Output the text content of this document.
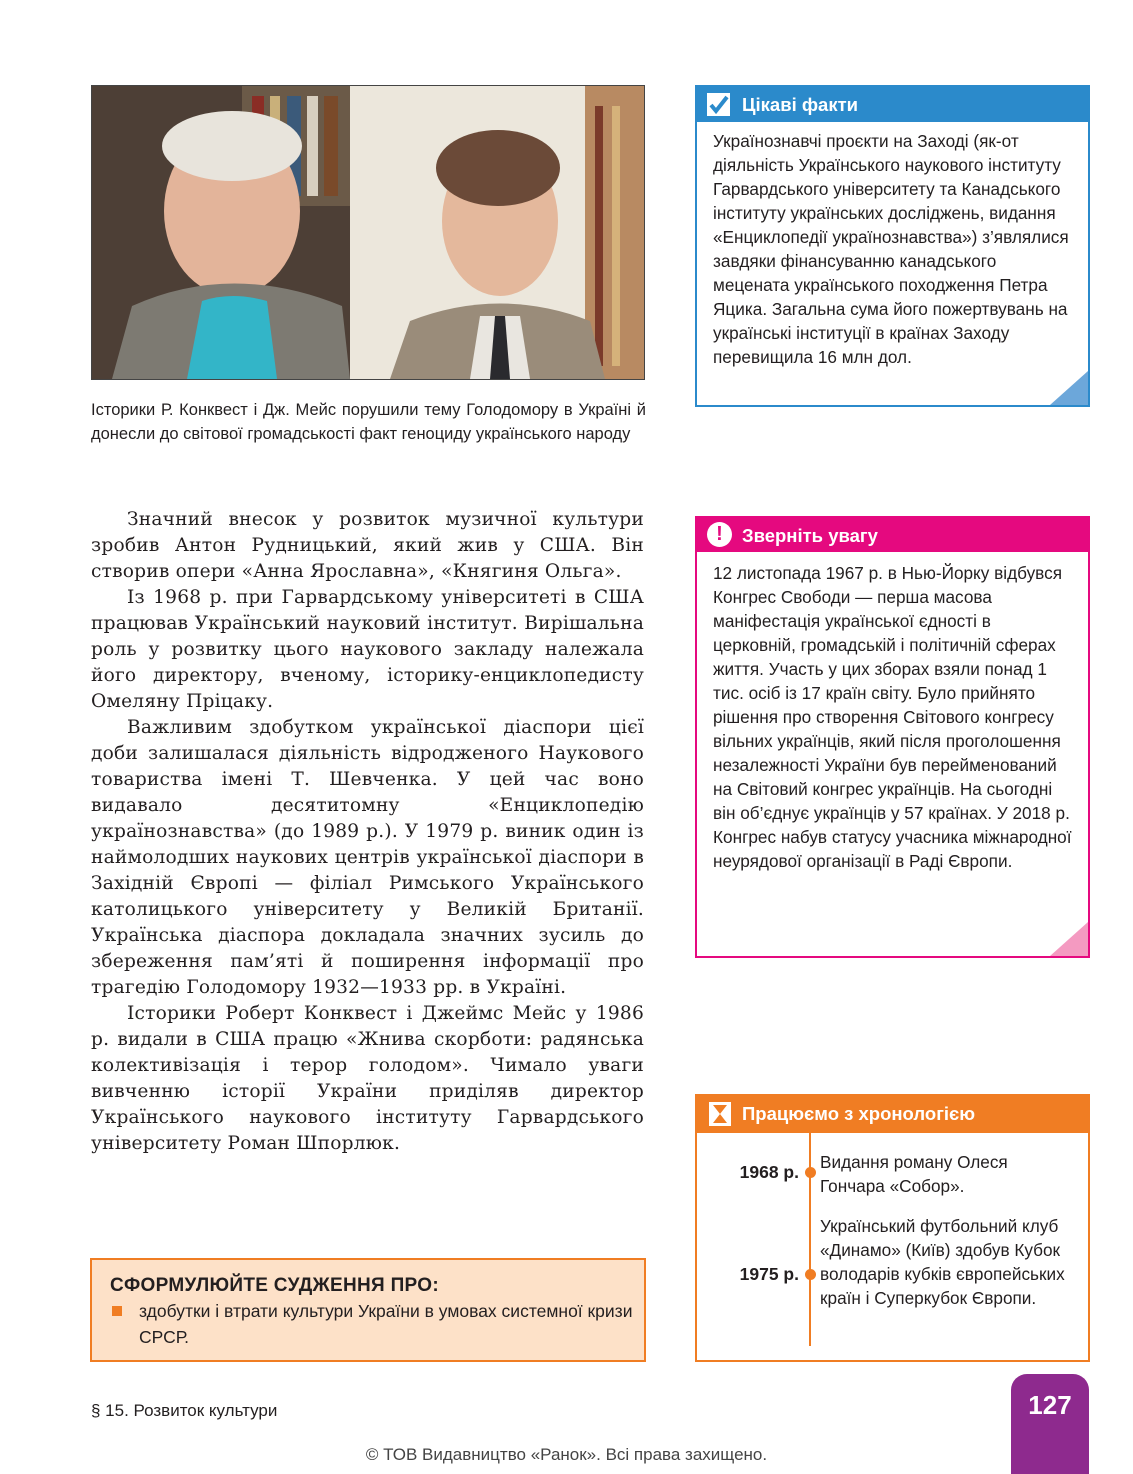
Історики Р. Конквест і Дж. Мейс порушили тему Голодомору в Україні й донесли до світової громадськості факт геноциду українського народу

Значний внесок у розвиток музичної культури зробив Антон Рудницький, який жив у США. Він створив опери «Анна Ярославна», «Княгиня Ольга».

Із 1968 р. при Гарвардському університеті в США працював Український науковий інститут. Вирішальна роль у розвитку цього наукового закладу належала його директору, вченому, історику-енциклопедисту Омеляну Пріцаку.

Важливим здобутком української діаспори цієї доби залишалася діяльність відродженого Наукового товариства імені Т. Шевченка. У цей час воно видавало десятитомну «Енциклопедію українознавства» (до 1989 р.). У 1979 р. виник один із наймолодших наукових центрів української діаспори в Західній Європі — філіал Римського Українського католицького університету у Великій Британії. Українська діаспора докладала значних зусиль до збереження пам’яті й поширення інформації про трагедію Голодомору 1932—1933 рр. в Україні.

Історики Роберт Конквест і Джеймс Мейс у 1986 р. видали в США працю «Жнива скорботи: радянська колективізація і терор голодом». Чимало уваги вивченню історії України приділяв директор Українського наукового інституту Гарвардського університету Роман Шпорлюк.

СФОРМУЛЮЙТЕ СУДЖЕННЯ ПРО:
здобутки і втрати культури України в умовах системної кризи СРСР.
Цікаві факти
Українознавчі проєкти на Заході (як-от діяльність Українського наукового інституту Гарвардського університету та Канадського інституту українських досліджень, видання «Енциклопедії українознавства») з’являлися завдяки фінансуванню канадського мецената українського походження Петра Яцика. Загальна сума його пожертвувань на українські інституції в країнах Заходу перевищила 16 млн дол.
!	Зверніть увагу
12 листопада 1967 р. в Нью-Йорку відбувся Конгрес Свободи — перша масова маніфестація української єдності в церковній, громадській і політичній сферах життя. Участь у цих зборах взяли понад 1 тис. осіб із 17 країн світу. Було прийнято рішення про створення Світового конгресу вільних українців, який після проголошення незалежності України був перейменований на Світовий конгрес українців. На сьогодні він об’єднує українців у 57 країнах. У 2018 р. Конгрес набув статусу учасника міжнародної неурядової організації в Раді Європи.
Працюємо з хронологією
1968 р. Видання роману Олеся Гончара «Собор».
1975 р.
Український футбольний клуб «Динамо» (Київ) здобув Кубок володарів кубків європейських країн і Суперкубок Європи.
§ 15. Розвиток культури	127
© ТОВ Видавництво «Ранок». Всі права захищено.
